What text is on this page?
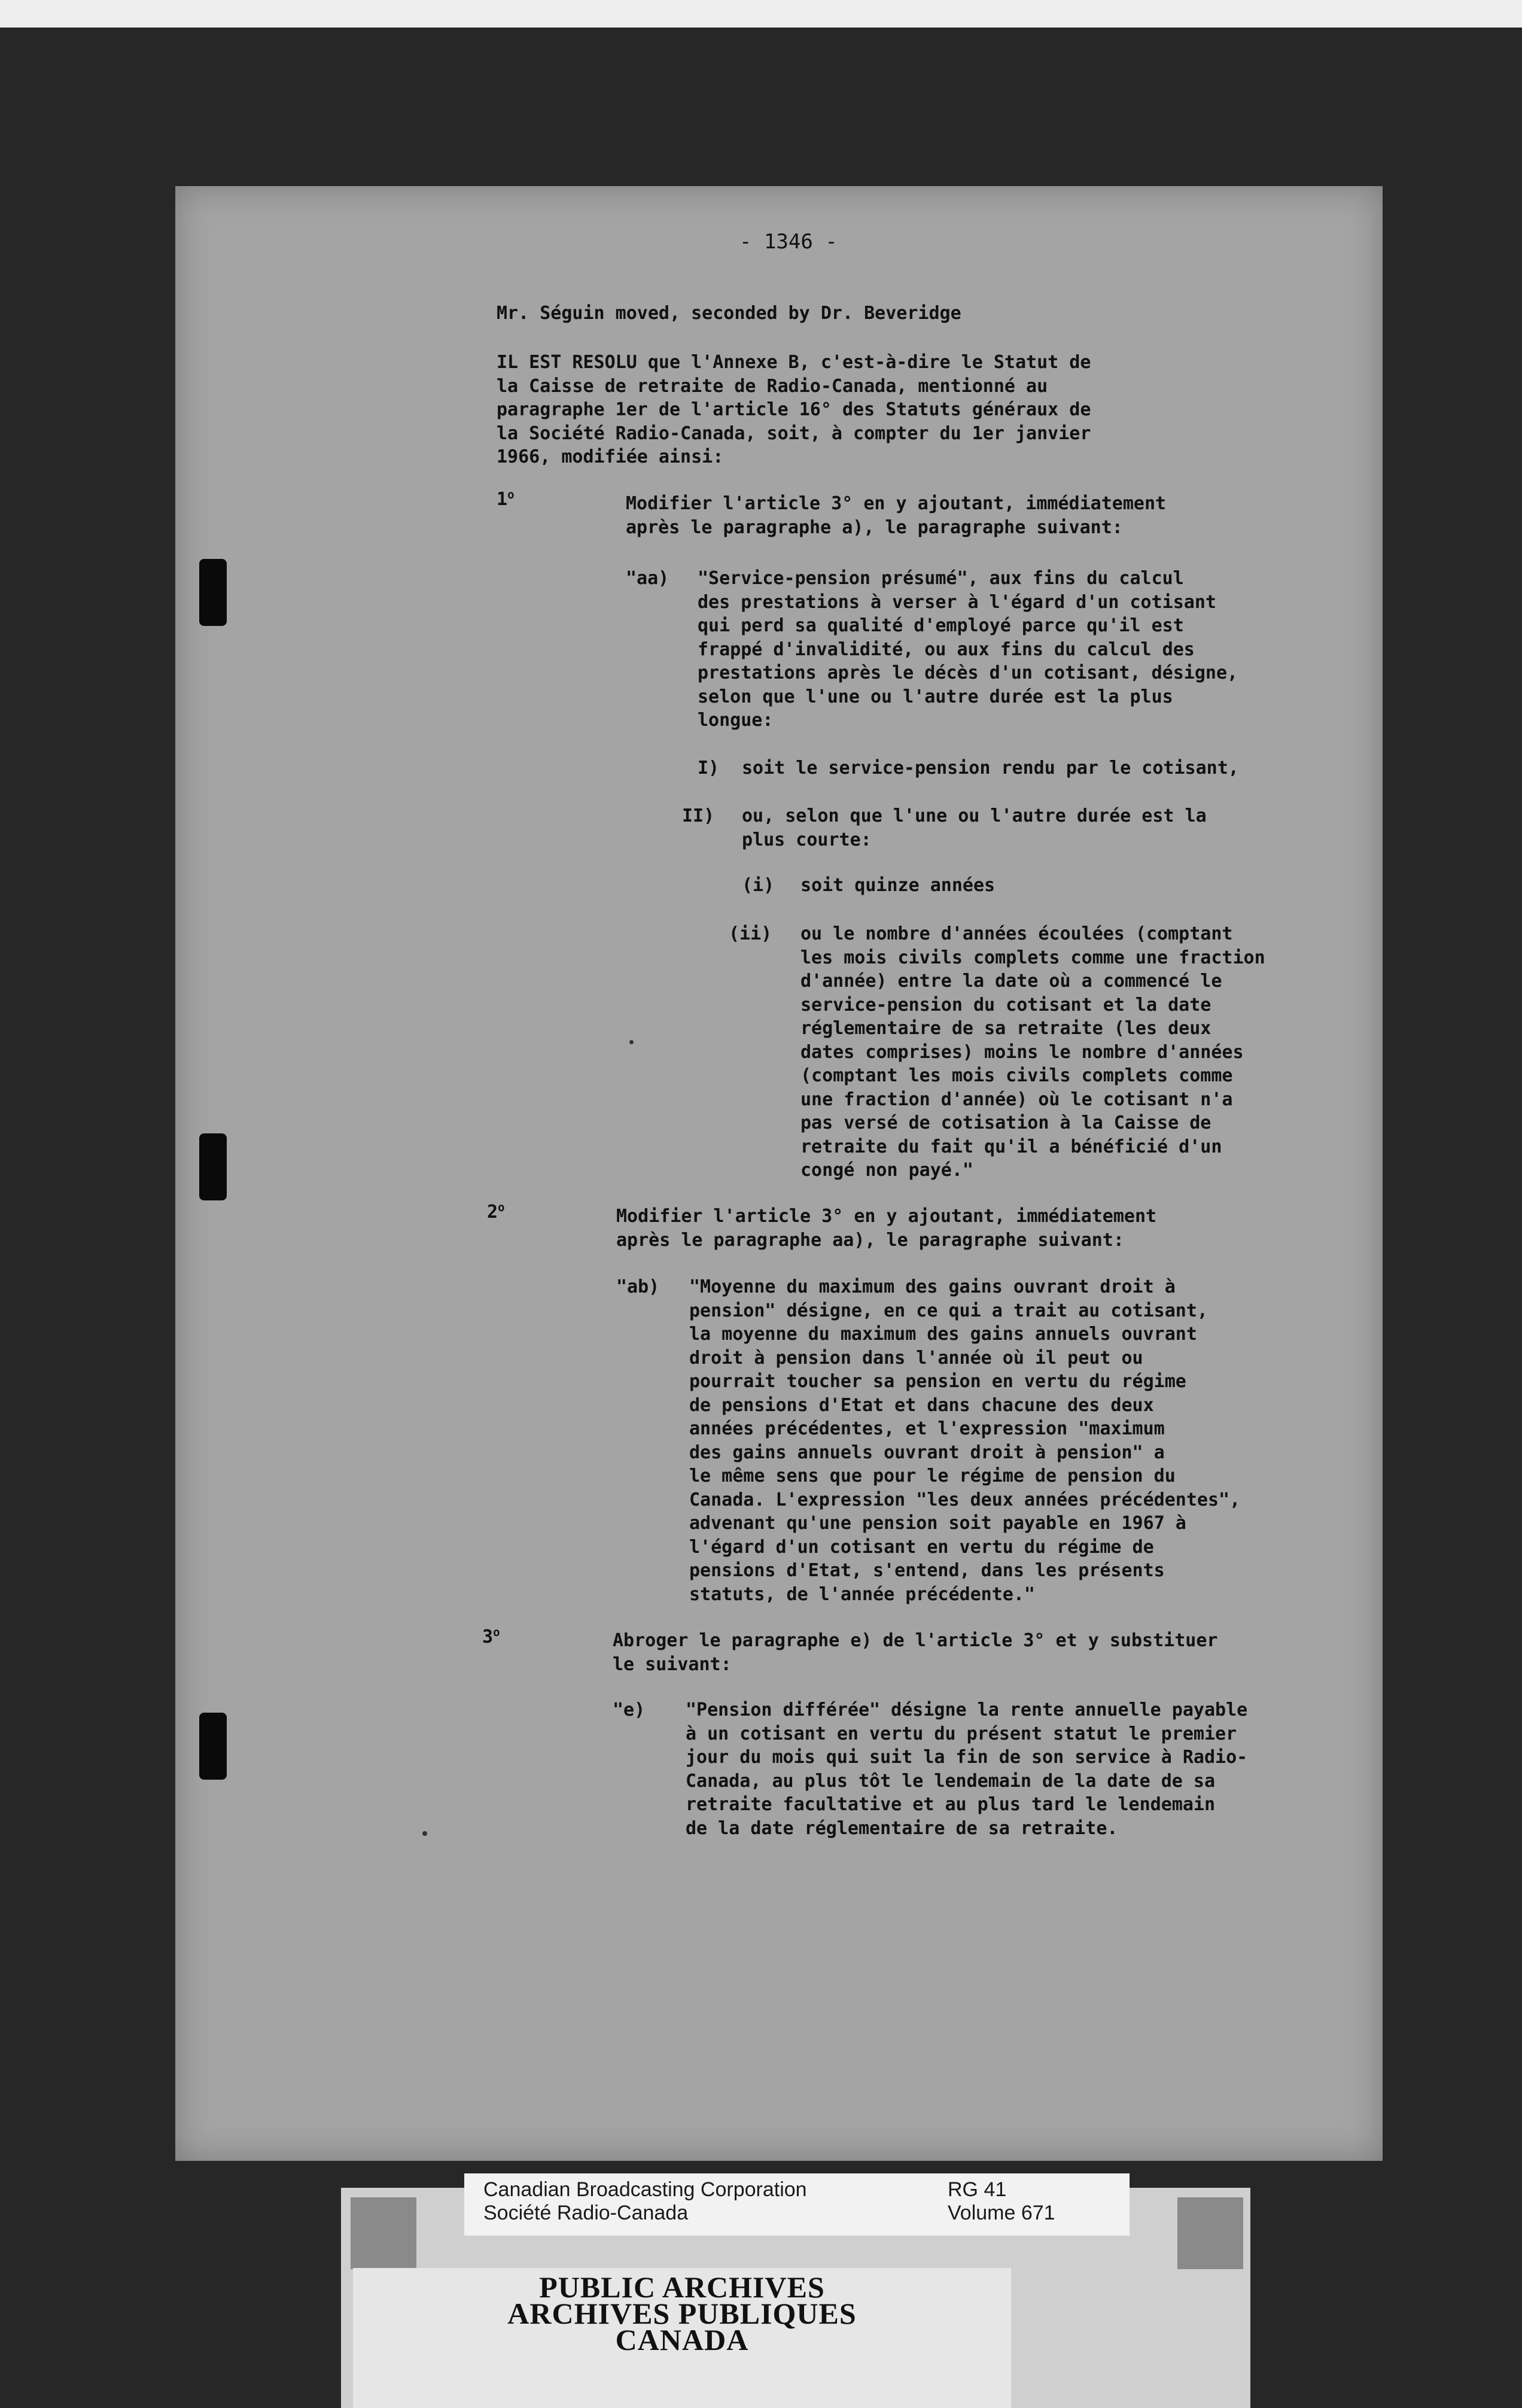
- 1346 -
Mr. Séguin moved, seconded by Dr. Beveridge
IL EST RESOLU que l'Annexe B, c'est-à-dire le Statut de
la Caisse de retraite de Radio-Canada, mentionné au
paragraphe 1er de l'article 16° des Statuts généraux de
la Société Radio-Canada, soit, à compter du 1er janvier
1966, modifiée ainsi:
1$^o$	Modifier l'article 3° en y ajoutant, immédiatement
après le paragraphe a), le paragraphe suivant:
"aa) "Service-pension présumé", aux fins du calcul
des prestations à verser à l'égard d'un cotisant
qui perd sa qualité d'employé parce qu'il est
frappé d'invalidité, ou aux fins du calcul des
prestations après le décès d'un cotisant, désigne,
selon que l'une ou l'autre durée est la plus
longue:
I) soit le service-pension rendu par le cotisant,
II) ou, selon que l'une ou l'autre durée est la
plus courte:
(i) soit quinze années
(ii) ou le nombre d'années écoulées (comptant
les mois civils complets comme une fraction
d'année) entre la date où a commencé le
service-pension du cotisant et la date
réglementaire de sa retraite (les deux
dates comprises) moins le nombre d'années
(comptant les mois civils complets comme
une fraction d'année) où le cotisant n'a
pas versé de cotisation à la Caisse de
retraite du fait qu'il a bénéficié d'un
congé non payé."
2$^o$	Modifier l'article 3° en y ajoutant, immédiatement
après le paragraphe aa), le paragraphe suivant:
"ab) "Moyenne du maximum des gains ouvrant droit à
pension" désigne, en ce qui a trait au cotisant,
la moyenne du maximum des gains annuels ouvrant
droit à pension dans l'année où il peut ou
pourrait toucher sa pension en vertu du régime
de pensions d'Etat et dans chacune des deux
années précédentes, et l'expression "maximum
des gains annuels ouvrant droit à pension" a
le même sens que pour le régime de pension du
Canada. L'expression "les deux années précédentes",
advenant qu'une pension soit payable en 1967 à
l'égard d'un cotisant en vertu du régime de
pensions d'Etat, s'entend, dans les présents
statuts, de l'année précédente."
3$^o$	Abroger le paragraphe e) de l'article 3° et y substituer
le suivant:
"e) "Pension différée" désigne la rente annuelle payable
à un cotisant en vertu du présent statut le premier
jour du mois qui suit la fin de son service à Radio-
Canada, au plus tôt le lendemain de la date de sa
retraite facultative et au plus tard le lendemain
de la date réglementaire de sa retraite.
Canadian Broadcasting Corporation
Société Radio-Canada
RG 41
Volume 671
PUBLIC ARCHIVES
ARCHIVES PUBLIQUES
CANADA
